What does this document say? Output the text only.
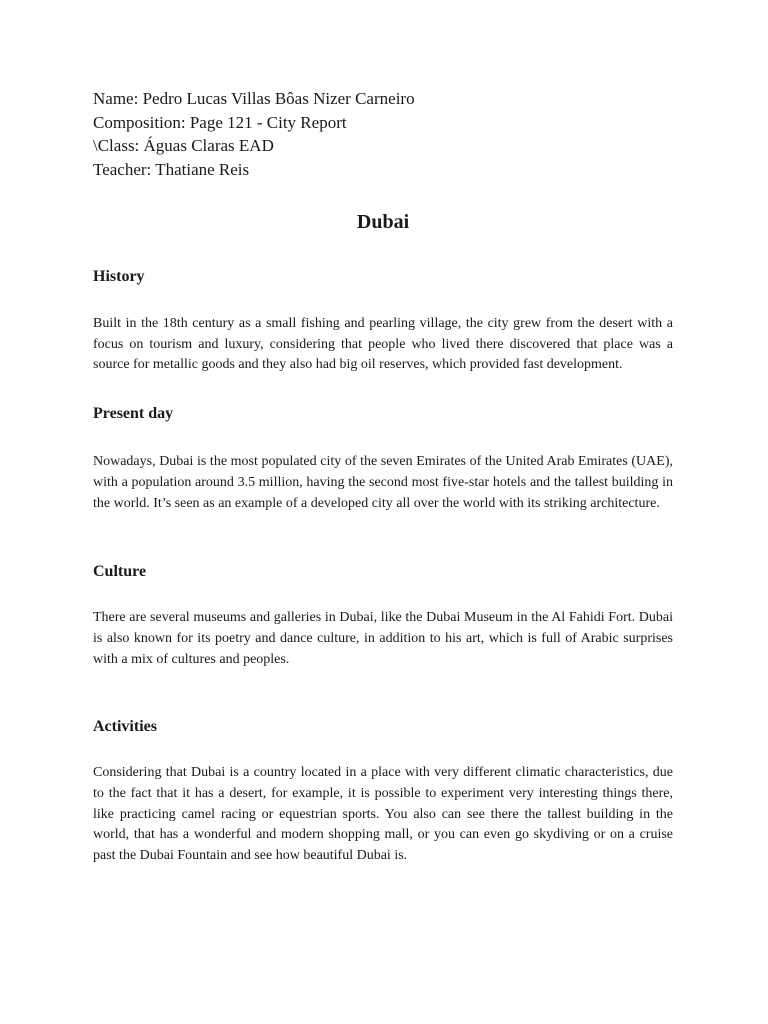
Name: Pedro Lucas Villas Bôas Nizer Carneiro
Composition: Page 121 - City Report
\Class: Águas Claras EAD
Teacher: Thatiane Reis
Dubai
History

Built in the 18th century as a small fishing and pearling village, the city grew from the desert with a focus on tourism and luxury, considering that people who lived there discovered that place was a source for metallic goods and they also had big oil reserves, which provided fast development.

Present day

Nowadays, Dubai is the most populated city of the seven Emirates of the United Arab Emirates (UAE), with a population around 3.5 million, having the second most five-star hotels and the tallest building in the world. It’s seen as an example of a developed city all over the world with its striking architecture.

Culture

There are several museums and galleries in Dubai, like the Dubai Museum in the Al Fahidi Fort. Dubai is also known for its poetry and dance culture, in addition to his art, which is full of Arabic surprises with a mix of cultures and peoples.

Activities

Considering that Dubai is a country located in a place with very different climatic characteristics, due to the fact that it has a desert, for example, it is possible to experiment very interesting things there, like practicing camel racing or equestrian sports. You also can see there the tallest building in the world, that has a wonderful and modern shopping mall, or you can even go skydiving or on a cruise past the Dubai Fountain and see how beautiful Dubai is.
